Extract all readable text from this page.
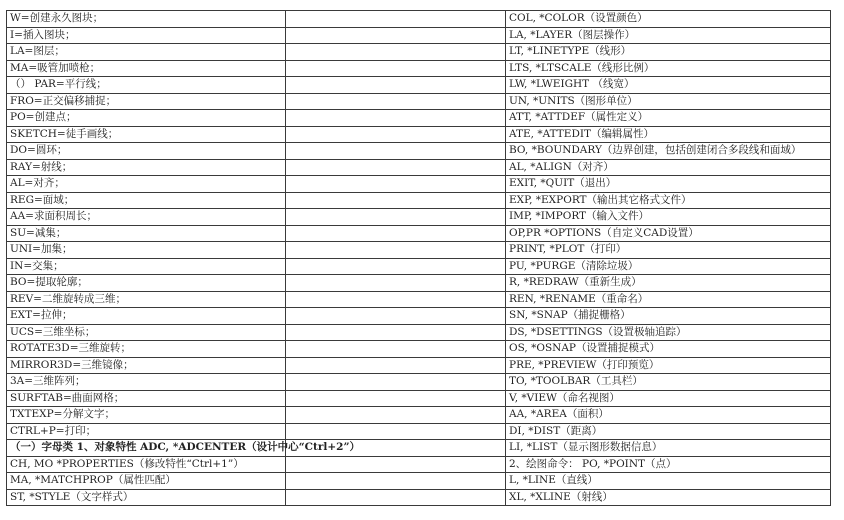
W=创建永久图块；		COL, *COLOR（设置颜色）
I=插入图块；		LA, *LAYER（图层操作）
LA=图层；		LT, *LINETYPE（线形）
MA=吸管加喷枪；		LTS, *LTSCALE（线形比例）
（） PAR=平行线；		LW, *LWEIGHT （线宽）
FRO=正交偏移捕捉；		UN, *UNITS（图形单位）
PO=创建点；		ATT, *ATTDEF（属性定义）
SKETCH=徒手画线；		ATE, *ATTEDIT（编辑属性）
DO=圆环；		BO, *BOUNDARY（边界创建，包括创建闭合多段线和面域）
RAY=射线；		AL, *ALIGN（对齐）
AL=对齐；		EXIT, *QUIT（退出）
REG=面域；		EXP, *EXPORT（输出其它格式文件）
AA=求面积周长；		IMP, *IMPORT（输入文件）
SU=减集；		OP,PR *OPTIONS（自定义CAD设置）
UNI=加集；		PRINT, *PLOT（打印）
IN=交集；		PU, *PURGE（清除垃圾）
BO=提取轮廓；		R, *REDRAW（重新生成）
REV=二维旋转成三维；		REN, *RENAME（重命名）
EXT=拉伸；		SN, *SNAP（捕捉栅格）
UCS=三维坐标；		DS, *DSETTINGS（设置极轴追踪）
ROTATE3D=三维旋转；		OS, *OSNAP（设置捕捉模式）
MIRROR3D=三维镜像；		PRE, *PREVIEW（打印预览）
3A=三维阵列；		TO, *TOOLBAR（工具栏）
SURFTAB=曲面网格；		V, *VIEW（命名视图）
TXTEXP=分解文字；		AA, *AREA（面积）
CTRL+P=打印；		DI, *DIST（距离）
（一）字母类 1、对象特性 ADC, *ADCENTER（设计中心“Ctrl+2”）		LI, *LIST（显示图形数据信息）
CH, MO *PROPERTIES（修改特性“Ctrl+1”）		2、绘图命令： PO, *POINT（点）
MA, *MATCHPROP（属性匹配）		L, *LINE（直线）
ST, *STYLE（文字样式）		XL, *XLINE（射线）
